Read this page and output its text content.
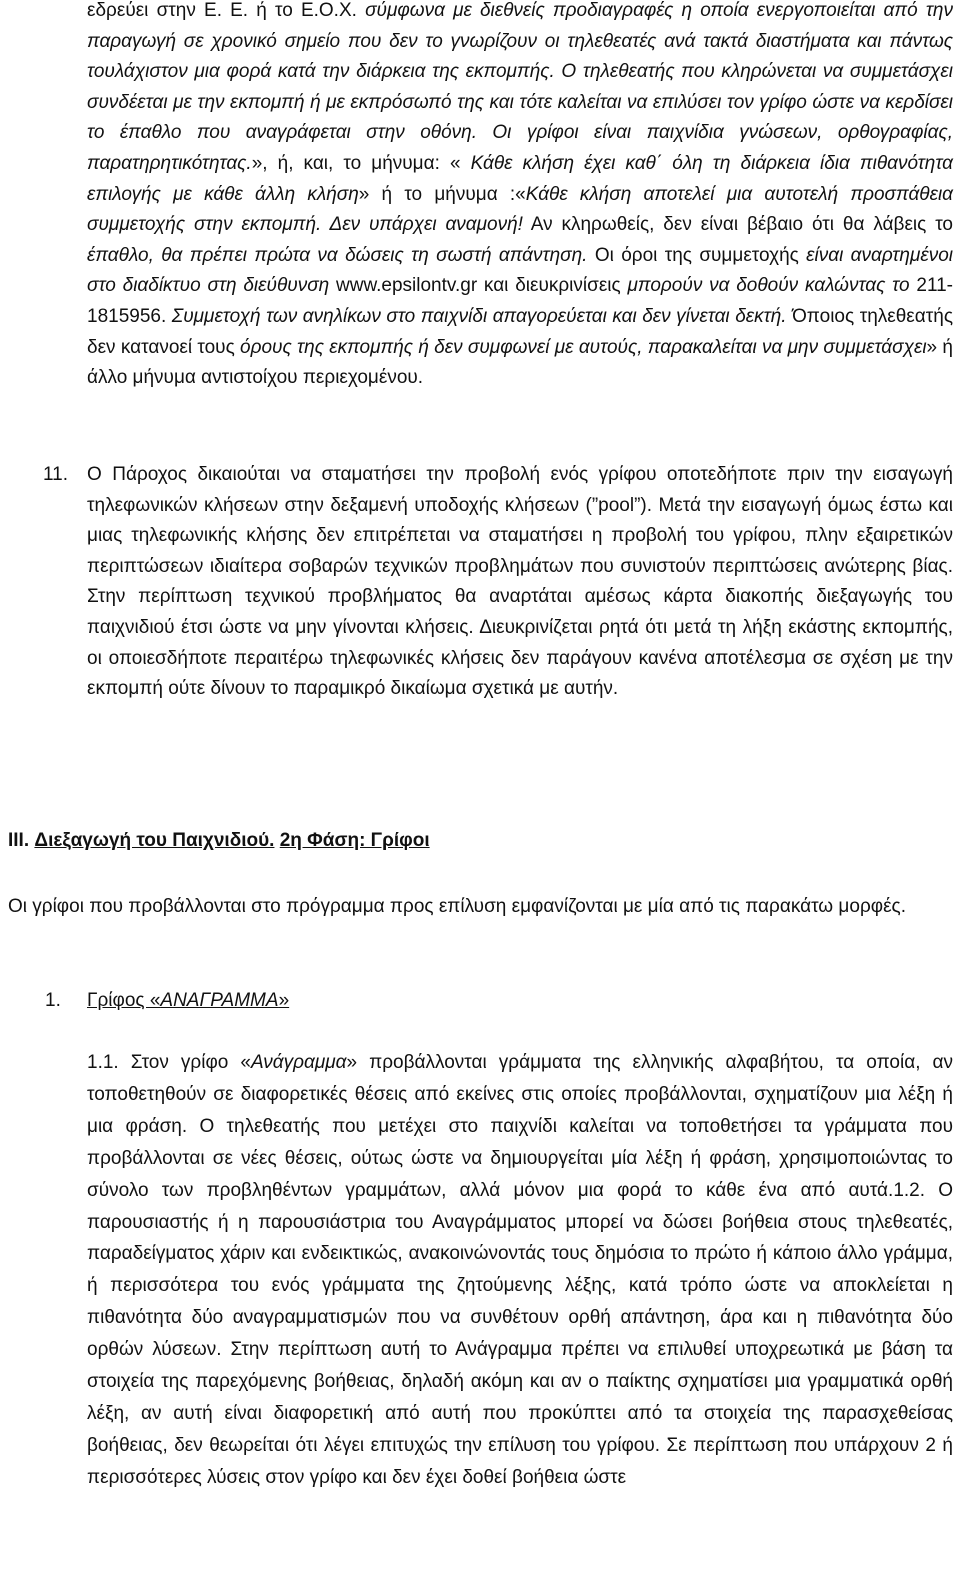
εδρεύει στην Ε. Ε. ή το Ε.Ο.Χ. σύμφωνα με διεθνείς προδιαγραφές η οποία ενεργοποιείται από την παραγωγή σε χρονικό σημείο που δεν το γνωρίζουν οι τηλεθεατές ανά τακτά διαστήματα και πάντως τουλάχιστον μια φορά κατά την διάρκεια της εκπομπής. Ο τηλεθεατής που κληρώνεται να συμμετάσχει συνδέεται με την εκπομπή ή με εκπρόσωπό της και τότε καλείται να επιλύσει τον γρίφο ώστε να κερδίσει το έπαθλο που αναγράφεται στην οθόνη. Οι γρίφοι είναι παιχνίδια γνώσεων, ορθογραφίας, παρατηρητικότητας.», ή, και, το μήνυμα: « Κάθε κλήση έχει καθ΄ όλη τη διάρκεια ίδια πιθανότητα επιλογής με κάθε άλλη κλήση» ή το μήνυμα :«Κάθε κλήση αποτελεί μια αυτοτελή προσπάθεια συμμετοχής στην εκπομπή. Δεν υπάρχει αναμονή! Αν κληρωθείς, δεν είναι βέβαιο ότι θα λάβεις το έπαθλο, θα πρέπει πρώτα να δώσεις τη σωστή απάντηση. Οι όροι της συμμετοχής είναι αναρτημένοι στο διαδίκτυο στη διεύθυνση www.epsilontv.gr και διευκρινίσεις μπορούν να δοθούν καλώντας το 211-1815956. Συμμετοχή των ανηλίκων στο παιχνίδι απαγορεύεται και δεν γίνεται δεκτή. Όποιος τηλεθεατής δεν κατανοεί τους όρους της εκπομπής ή δεν συμφωνεί με αυτούς, παρακαλείται να μην συμμετάσχει» ή άλλο μήνυμα αντιστοίχου περιεχομένου.

11. Ο Πάροχος δικαιούται να σταματήσει την προβολή ενός γρίφου οποτεδήποτε πριν την εισαγωγή τηλεφωνικών κλήσεων στην δεξαμενή υποδοχής κλήσεων (”pool”). Μετά την εισαγωγή όμως έστω και μιας τηλεφωνικής κλήσης δεν επιτρέπεται να σταματήσει η προβολή του γρίφου, πλην εξαιρετικών περιπτώσεων ιδιαίτερα σοβαρών τεχνικών προβλημάτων που συνιστούν περιπτώσεις ανώτερης βίας. Στην περίπτωση τεχνικού προβλήματος θα αναρτάται αμέσως κάρτα διακοπής διεξαγωγής του παιχνιδιού έτσι ώστε να μην γίνονται κλήσεις. Διευκρινίζεται ρητά ότι μετά τη λήξη εκάστης εκπομπής, οι οποιεσδήποτε περαιτέρω τηλεφωνικές κλήσεις δεν παράγουν κανένα αποτέλεσμα σε σχέση με την εκπομπή ούτε δίνουν το παραμικρό δικαίωμα σχετικά με αυτήν.

III. Διεξαγωγή του Παιχνιδιού. 2η Φάση: Γρίφοι

Οι γρίφοι που προβάλλονται στο πρόγραμμα προς επίλυση εμφανίζονται με μία από τις παρακάτω μορφές.

1. Γρίφος «ΑΝΑΓΡΑΜΜΑ»

1.1. Στον γρίφο «Ανάγραμμα» προβάλλονται γράμματα της ελληνικής αλφαβήτου, τα οποία, αν τοποθετηθούν σε διαφορετικές θέσεις από εκείνες στις οποίες προβάλλονται, σχηματίζουν μια λέξη ή μια φράση. Ο τηλεθεατής που μετέχει στο παιχνίδι καλείται να τοποθετήσει τα γράμματα που προβάλλονται σε νέες θέσεις, ούτως ώστε να δημιουργείται μία λέξη ή φράση, χρησιμοποιώντας το σύνολο των προβληθέντων γραμμάτων, αλλά μόνον μια φορά το κάθε ένα από αυτά.1.2. Ο παρουσιαστής ή η παρουσιάστρια του Αναγράμματος μπορεί να δώσει βοήθεια στους τηλεθεατές, παραδείγματος χάριν και ενδεικτικώς, ανακοινώνοντάς τους δημόσια το πρώτο ή κάποιο άλλο γράμμα, ή περισσότερα του ενός γράμματα της ζητούμενης λέξης, κατά τρόπο ώστε να αποκλείεται η πιθανότητα δύο αναγραμματισμών που να συνθέτουν ορθή απάντηση, άρα και η πιθανότητα δύο ορθών λύσεων. Στην περίπτωση αυτή το Ανάγραμμα πρέπει να επιλυθεί υποχρεωτικά με βάση τα στοιχεία της παρεχόμενης βοήθειας, δηλαδή ακόμη και αν ο παίκτης σχηματίσει μια γραμματικά ορθή λέξη, αν αυτή είναι διαφορετική από αυτή που προκύπτει από τα στοιχεία της παρασχεθείσας βοήθειας, δεν θεωρείται ότι λέγει επιτυχώς την επίλυση του γρίφου. Σε περίπτωση που υπάρχουν 2 ή περισσότερες λύσεις στον γρίφο και δεν έχει δοθεί βοήθεια ώστε
